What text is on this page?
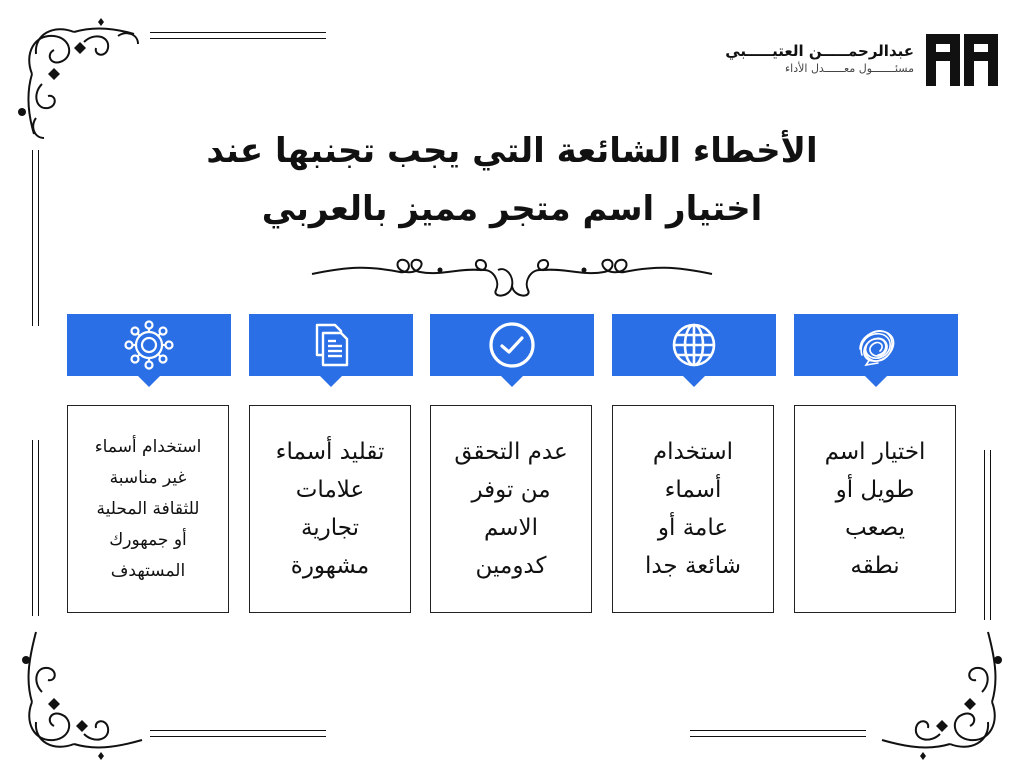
عبدالرحمـــــن العتيـــــبي
مسئـــــــول معــــــدل الأداء
الأخطاء الشائعة التي يجب تجنبها عند
اختيار اسم متجر مميز بالعربي
استخدام أسماء
غير مناسبة
للثقافة المحلية
أو جمهورك
المستهدف
تقليد أسماء
علامات
تجارية
مشهورة
عدم التحقق
من توفر
الاسم
كدومين
استخدام
أسماء
عامة أو
شائعة جدا
اختيار اسم
طويل أو
يصعب
نطقه
